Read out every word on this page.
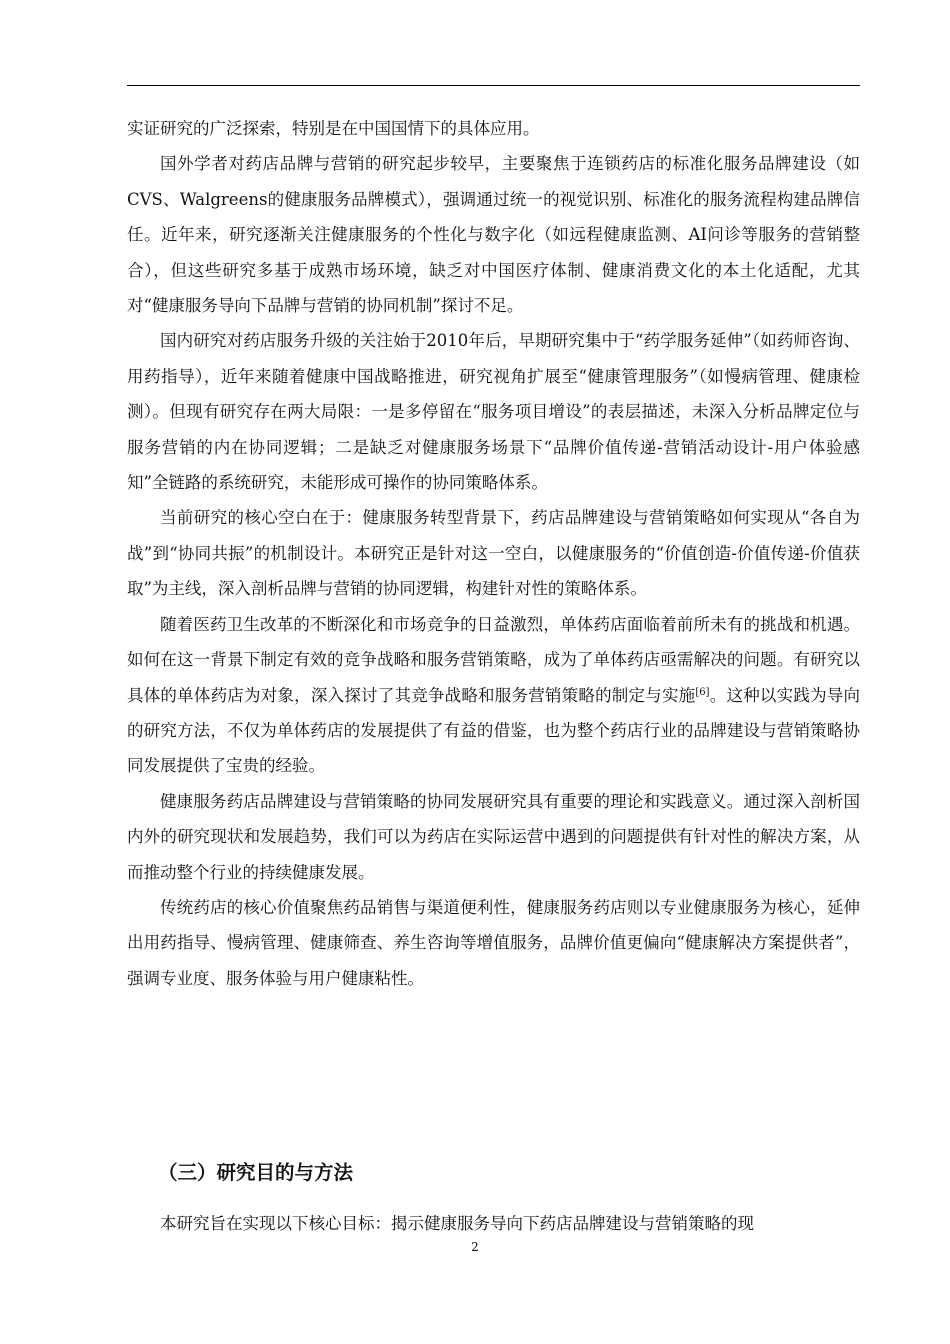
实证研究的广泛探索，特别是在中国国情下的具体应用。

国外学者对药店品牌与营销的研究起步较早，主要聚焦于连锁药店的标准化服务品牌建设（如CVS、Walgreens的健康服务品牌模式），强调通过统一的视觉识别、标准化的服务流程构建品牌信任。近年来，研究逐渐关注健康服务的个性化与数字化（如远程健康监测、AI问诊等服务的营销整合），但这些研究多基于成熟市场环境，缺乏对中国医疗体制、健康消费文化的本土化适配，尤其对“健康服务导向下品牌与营销的协同机制”探讨不足。

国内研究对药店服务升级的关注始于2010年后，早期研究集中于“药学服务延伸”（如药师咨询、用药指导），近年来随着健康中国战略推进，研究视角扩展至“健康管理服务”（如慢病管理、健康检测）。但现有研究存在两大局限：一是多停留在“服务项目增设”的表层描述，未深入分析品牌定位与服务营销的内在协同逻辑；二是缺乏对健康服务场景下“品牌价值传递-营销活动设计-用户体验感知”全链路的系统研究，未能形成可操作的协同策略体系。

当前研究的核心空白在于：健康服务转型背景下，药店品牌建设与营销策略如何实现从“各自为战”到“协同共振”的机制设计。本研究正是针对这一空白，以健康服务的“价值创造-价值传递-价值获取”为主线，深入剖析品牌与营销的协同逻辑，构建针对性的策略体系。

随着医药卫生改革的不断深化和市场竞争的日益激烈，单体药店面临着前所未有的挑战和机遇。如何在这一背景下制定有效的竞争战略和服务营销策略，成为了单体药店亟需解决的问题。有研究以具体的单体药店为对象，深入探讨了其竞争战略和服务营销策略的制定与实施[6]。这种以实践为导向的研究方法，不仅为单体药店的发展提供了有益的借鉴，也为整个药店行业的品牌建设与营销策略协同发展提供了宝贵的经验。

健康服务药店品牌建设与营销策略的协同发展研究具有重要的理论和实践意义。通过深入剖析国内外的研究现状和发展趋势，我们可以为药店在实际运营中遇到的问题提供有针对性的解决方案，从而推动整个行业的持续健康发展。

传统药店的核心价值聚焦药品销售与渠道便利性，健康服务药店则以专业健康服务为核心，延伸出用药指导、慢病管理、健康筛查、养生咨询等增值服务，品牌价值更偏向“健康解决方案提供者”，强调专业度、服务体验与用户健康粘性。

（三）研究目的与方法

本研究旨在实现以下核心目标：揭示健康服务导向下药店品牌建设与营销策略的现

2
